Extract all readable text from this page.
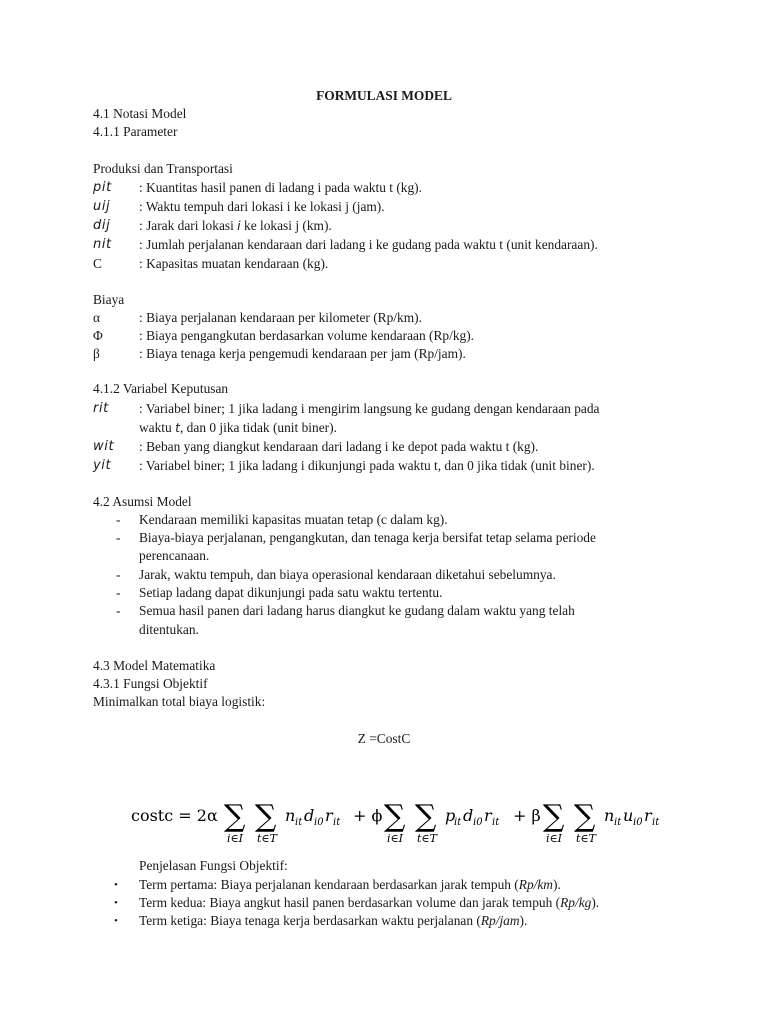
FORMULASI MODEL
4.1 Notasi Model
4.1.1 Parameter
Produksi dan Transportasi
pit : Kuantitas hasil panen di ladang i pada waktu t (kg).
uij : Waktu tempuh dari lokasi i ke lokasi j (jam).
dij : Jarak dari lokasi i ke lokasi j (km).
nit : Jumlah perjalanan kendaraan dari ladang i ke gudang pada waktu t (unit kendaraan).
C	: Kapasitas muatan kendaraan (kg).
Biaya
α	: Biaya perjalanan kendaraan per kilometer (Rp/km).
Φ	: Biaya pengangkutan berdasarkan volume kendaraan (Rp/kg).
β	: Biaya tenaga kerja pengemudi kendaraan per jam (Rp/jam).
4.1.2 Variabel Keputusan
rit : Variabel biner; 1 jika ladang i mengirim langsung ke gudang dengan kendaraan pada
waktu t, dan 0 jika tidak (unit biner).
wit : Beban yang diangkut kendaraan dari ladang i ke depot pada waktu t (kg).
yit : Variabel biner; 1 jika ladang i dikunjungi pada waktu t, dan 0 jika tidak (unit biner).
4.2 Asumsi Model
- Kendaraan memiliki kapasitas muatan tetap (c dalam kg).
- Biaya-biaya perjalanan, pengangkutan, dan tenaga kerja bersifat tetap selama periode
perencanaan.
- Jarak, waktu tempuh, dan biaya operasional kendaraan diketahui sebelumnya.
- Setiap ladang dapat dikunjungi pada satu waktu tertentu.
- Semua hasil panen dari ladang harus diangkut ke gudang dalam waktu yang telah
ditentukan.
4.3 Model Matematika
4.3.1 Fungsi Objektif
Minimalkan total biaya logistik:
Z =CostC
costc = 2α ∑
i∈I
∑
t∈T
n it d i0 r it + ϕ ∑
i∈I
∑
t∈T
p
it d i0 r it + β ∑
i∈I
∑
t∈T
n it u i0 r it
Penjelasan Fungsi Objektif:
• Term pertama: Biaya perjalanan kendaraan berdasarkan jarak tempuh (Rp/km).
• Term kedua: Biaya angkut hasil panen berdasarkan volume dan jarak tempuh (Rp/kg).
• Term ketiga: Biaya tenaga kerja berdasarkan waktu perjalanan (Rp/jam).
